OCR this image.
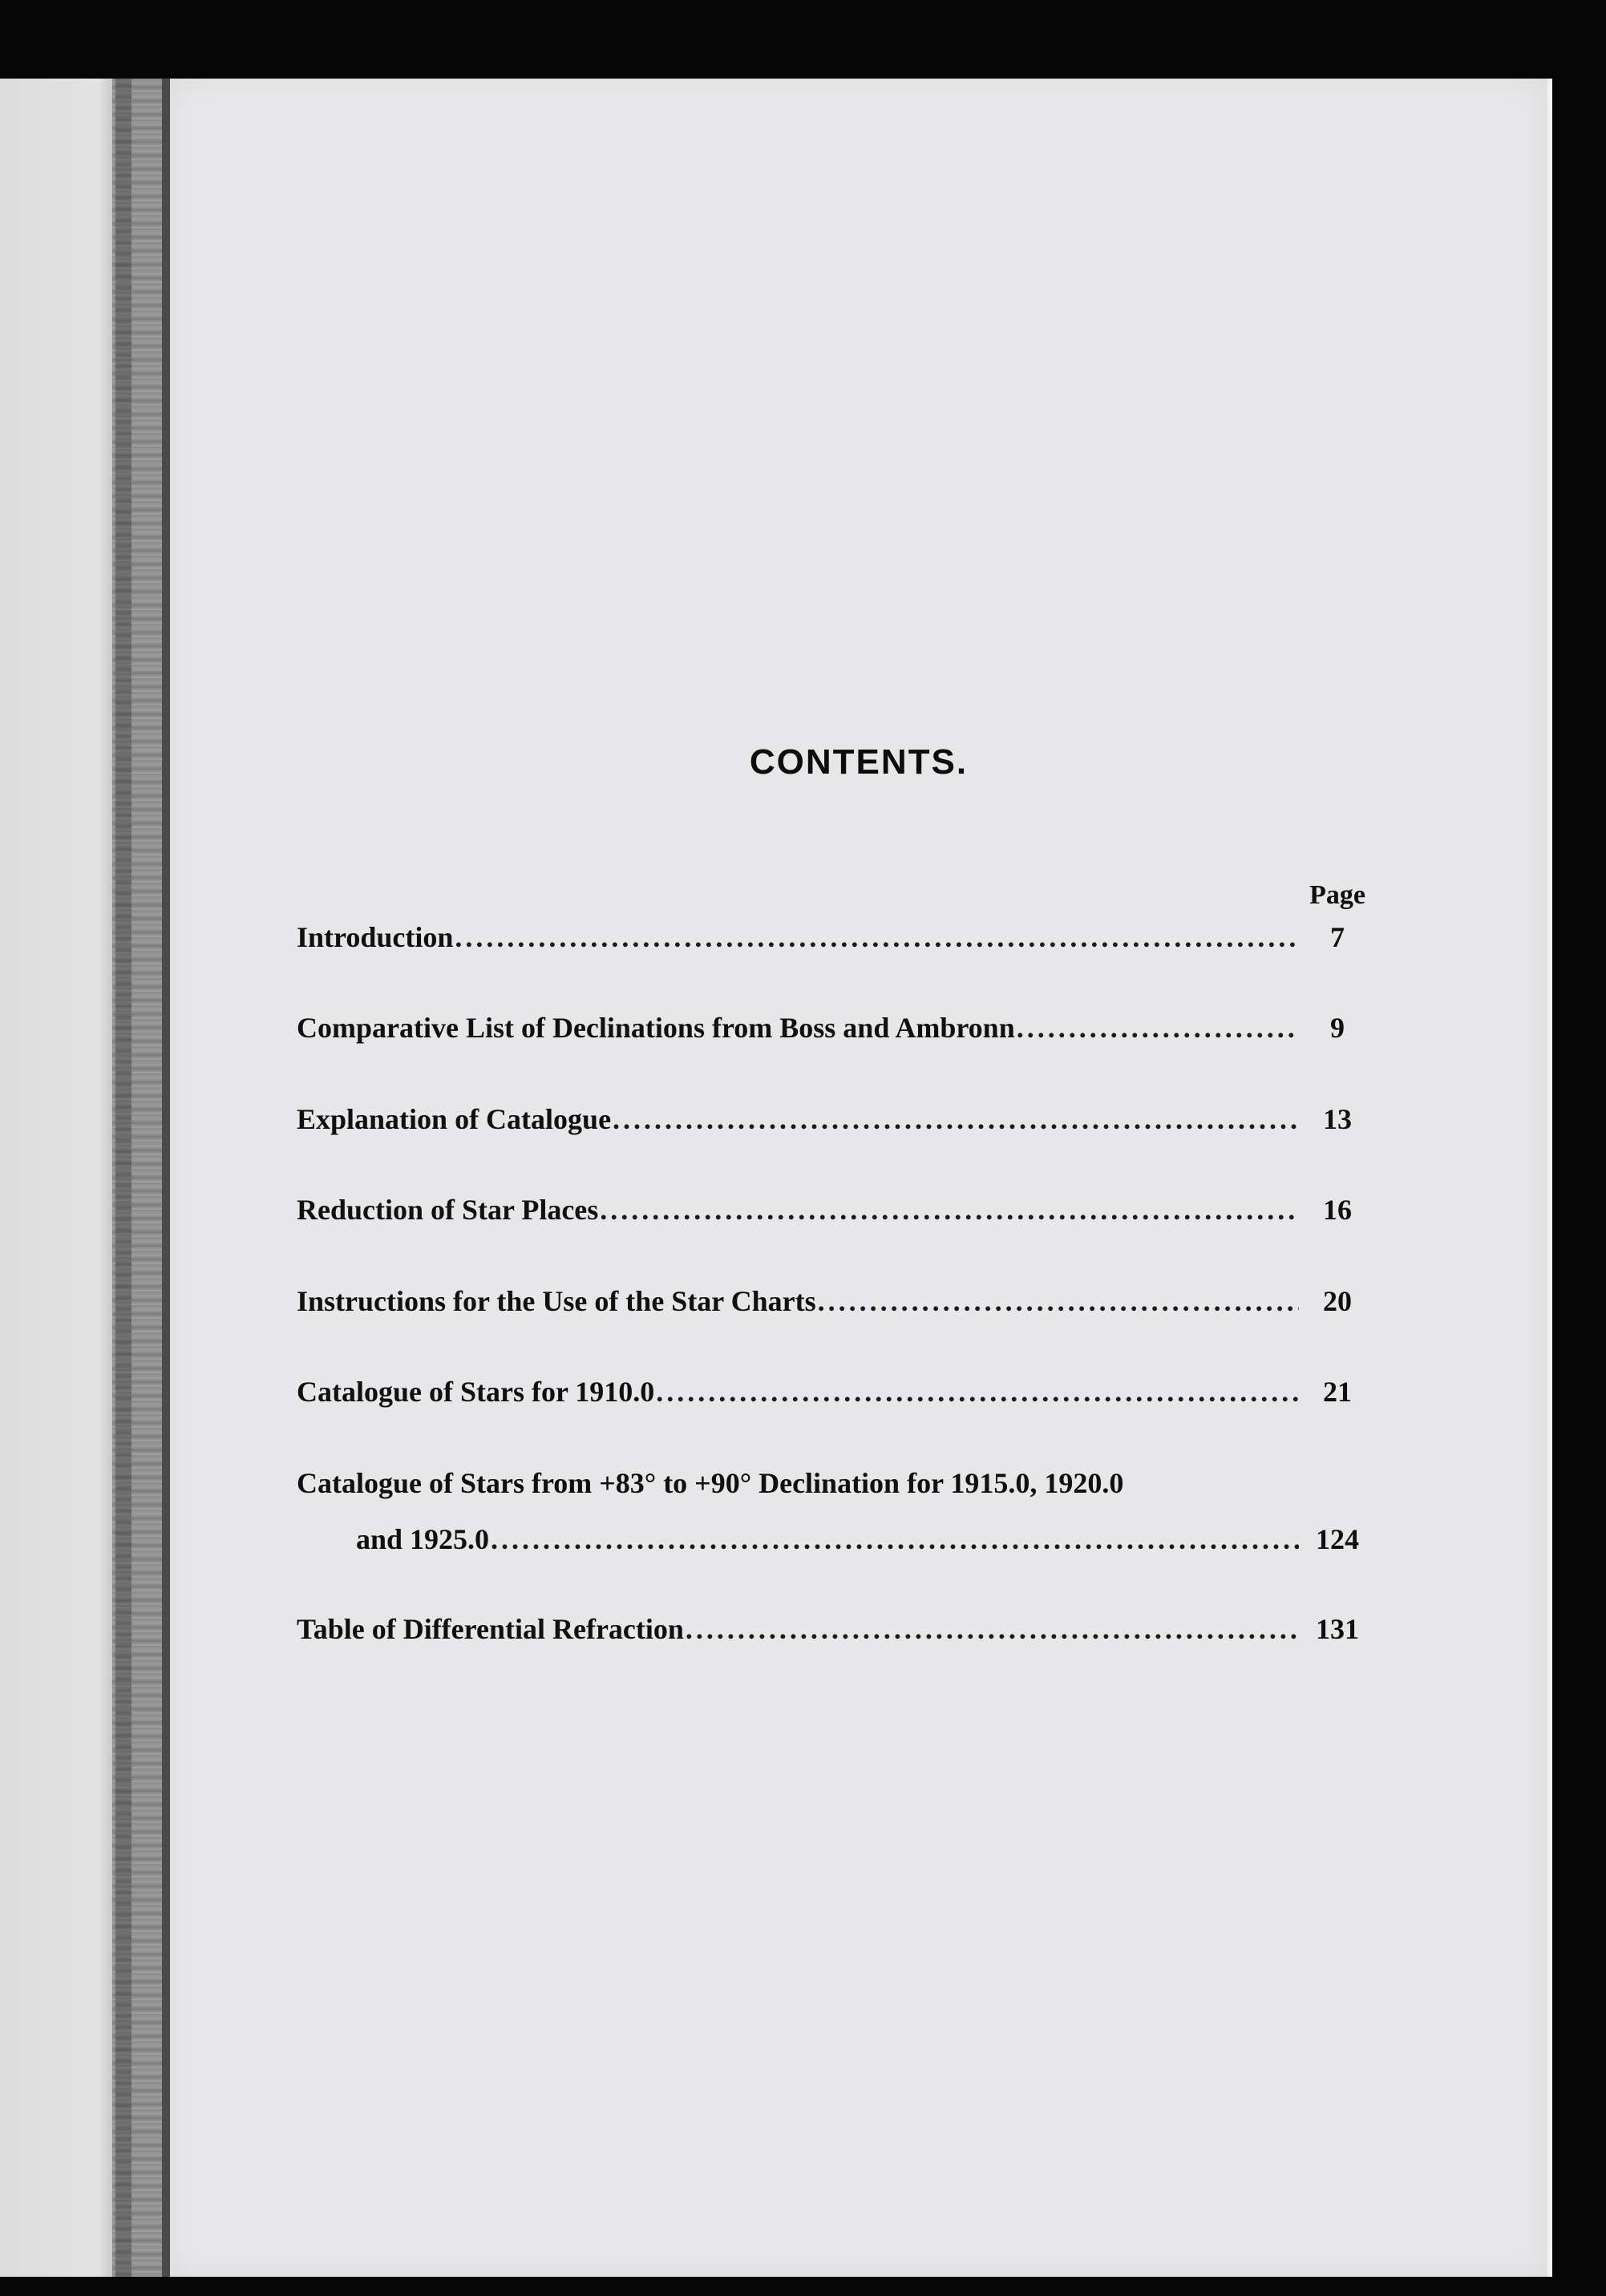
CONTENTS.
Page
Introduction .....	7
Comparative List of Declinations from Boss and Ambronn .....	9
Explanation of Catalogue .....	13
Reduction of Star Places .....	16
Instructions for the Use of the Star Charts .....	20
Catalogue of Stars for 1910.0 .....	21
Catalogue of Stars from +83° to +90° Declination for 1915.0, 1920.0
and 1925.0 .....	124
Table of Differential Refraction .....	131
